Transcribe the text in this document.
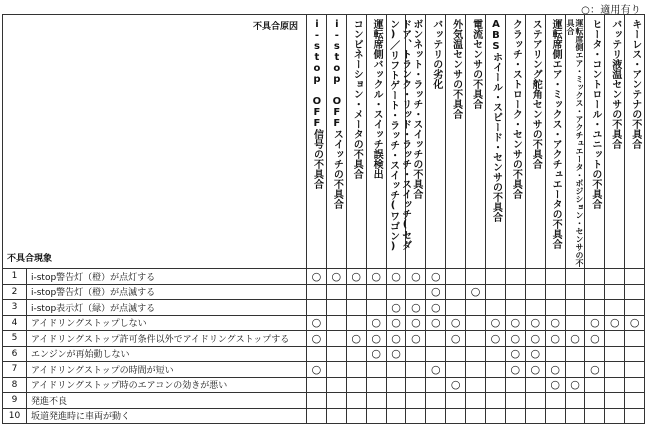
○：適用有り
不具合原因
不具合現象		i-stop OFF信号の不具合	i-stop OFFスイッチの不具合	コンビネーション・メータの不具合	運転席側バックル・スイッチ誤検出	ドア、トランク・リッド・ラッチ・スイッチ(セダン)／リフトゲート・ラッチ・スイッチ(ワゴン)	ボンネット・ラッチ・スイッチの不具合	バッテリの劣化	外気温センサの不具合	電流センサの不具合	ABSホイール・スピード・センサの不具合	クラッチ・ストローク・センサの不具合	ステアリング舵角センサの不具合	運転席側エア・ミックス・アクチュエータの不具合	運転席側エア・ミックス・アクチュエータ・ポジション・センサの不具合	ヒータ・コントロール・ユニットの不具合	バッテリ液温センサの不具合	キーレス・アンテナの不具合

1	i-stop警告灯（橙）が点灯する	○	○	○	○	○	○	○										
2	i-stop警告灯（橙）が点滅する							○		○								
3	i-stop表示灯（緑）が点滅する					○	○	○										
4	アイドリングストップしない	○			○	○	○	○	○		○	○	○	○		○	○	○
5	アイドリングストップ許可条件以外でアイドリングストップする	○		○	○	○	○		○		○	○	○	○	○	○		
6	エンジンが再始動しない				○	○						○	○					
7	アイドリングストップの時間が短い	○						○				○	○	○		○		
8	アイドリングストップ時のエアコンの効きが悪い								○					○	○			
9	発進不良																	
10	坂道発進時に車両が動く																	
